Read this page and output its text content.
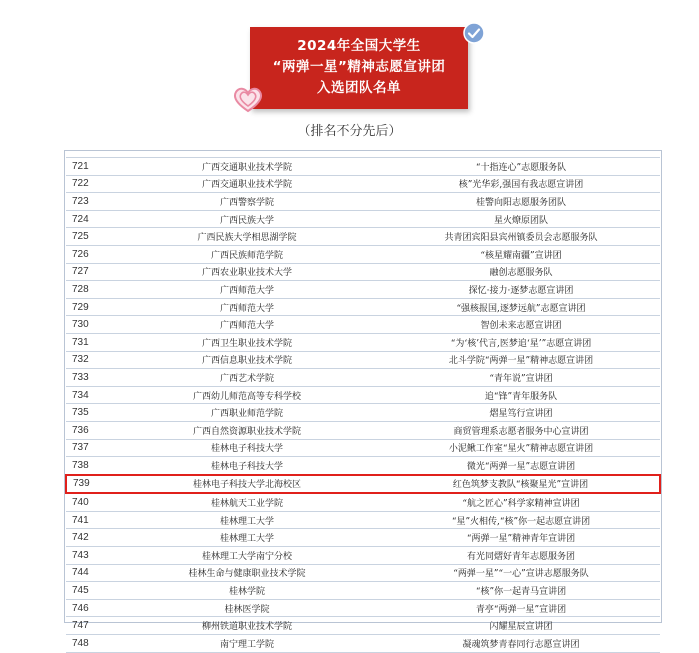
2024年全国大学生
“两弹一星”精神志愿宣讲团
入选团队名单
（排名不分先后）

721	广西交通职业技术学院	“十指连心”志愿服务队
722	广西交通职业技术学院	核”光华彩,强国有我志愿宣讲团
723	广西警察学院	桂警向阳志愿服务团队
724	广西民族大学	星火燎原团队
725	广西民族大学相思湖学院	共青团宾阳县宾州镇委员会志愿服务队
726	广西民族师范学院	“核星耀南疆”宣讲团
727	广西农业职业技术大学	融创志愿服务队
728	广西师范大学	探忆·接力·逐梦志愿宣讲团
729	广西师范大学	“强核报国,逐梦远航”志愿宣讲团
730	广西师范大学	智创未来志愿宣讲团
731	广西卫生职业技术学院	“为‘核’代言,医梦追‘星’”志愿宣讲团
732	广西信息职业技术学院	北斗学院“两弹一星”精神志愿宣讲团
733	广西艺术学院	“青年说”宣讲团
734	广西幼儿师范高等专科学校	追“锋”青年服务队
735	广西职业师范学院	熠星笃行宣讲团
736	广西自然资源职业技术学院	商贸管理系志愿者服务中心宣讲团
737	桂林电子科技大学	小泥鳅工作室“星火”精神志愿宣讲团
738	桂林电子科技大学	微光“两弹一星”志愿宣讲团
739	桂林电子科技大学北海校区	红色筑梦支教队“核聚星光”宣讲团
740	桂林航天工业学院	“航之匠心”科学家精神宣讲团
741	桂林理工大学	“星”火相传,“核”你一起志愿宣讲团
742	桂林理工大学	“两弹一星”精神青年宣讲团
743	桂林理工大学南宁分校	有光同熠好青年志愿服务团
744	桂林生命与健康职业技术学院	“两弹一星”“一心”宣讲志愿服务队
745	桂林学院	“核”你一起青马宣讲团
746	桂林医学院	青亭“两弹一星”宣讲团
747	柳州铁道职业技术学院	闪耀星辰宣讲团
748	南宁理工学院	凝魂筑梦青春同行志愿宣讲团
